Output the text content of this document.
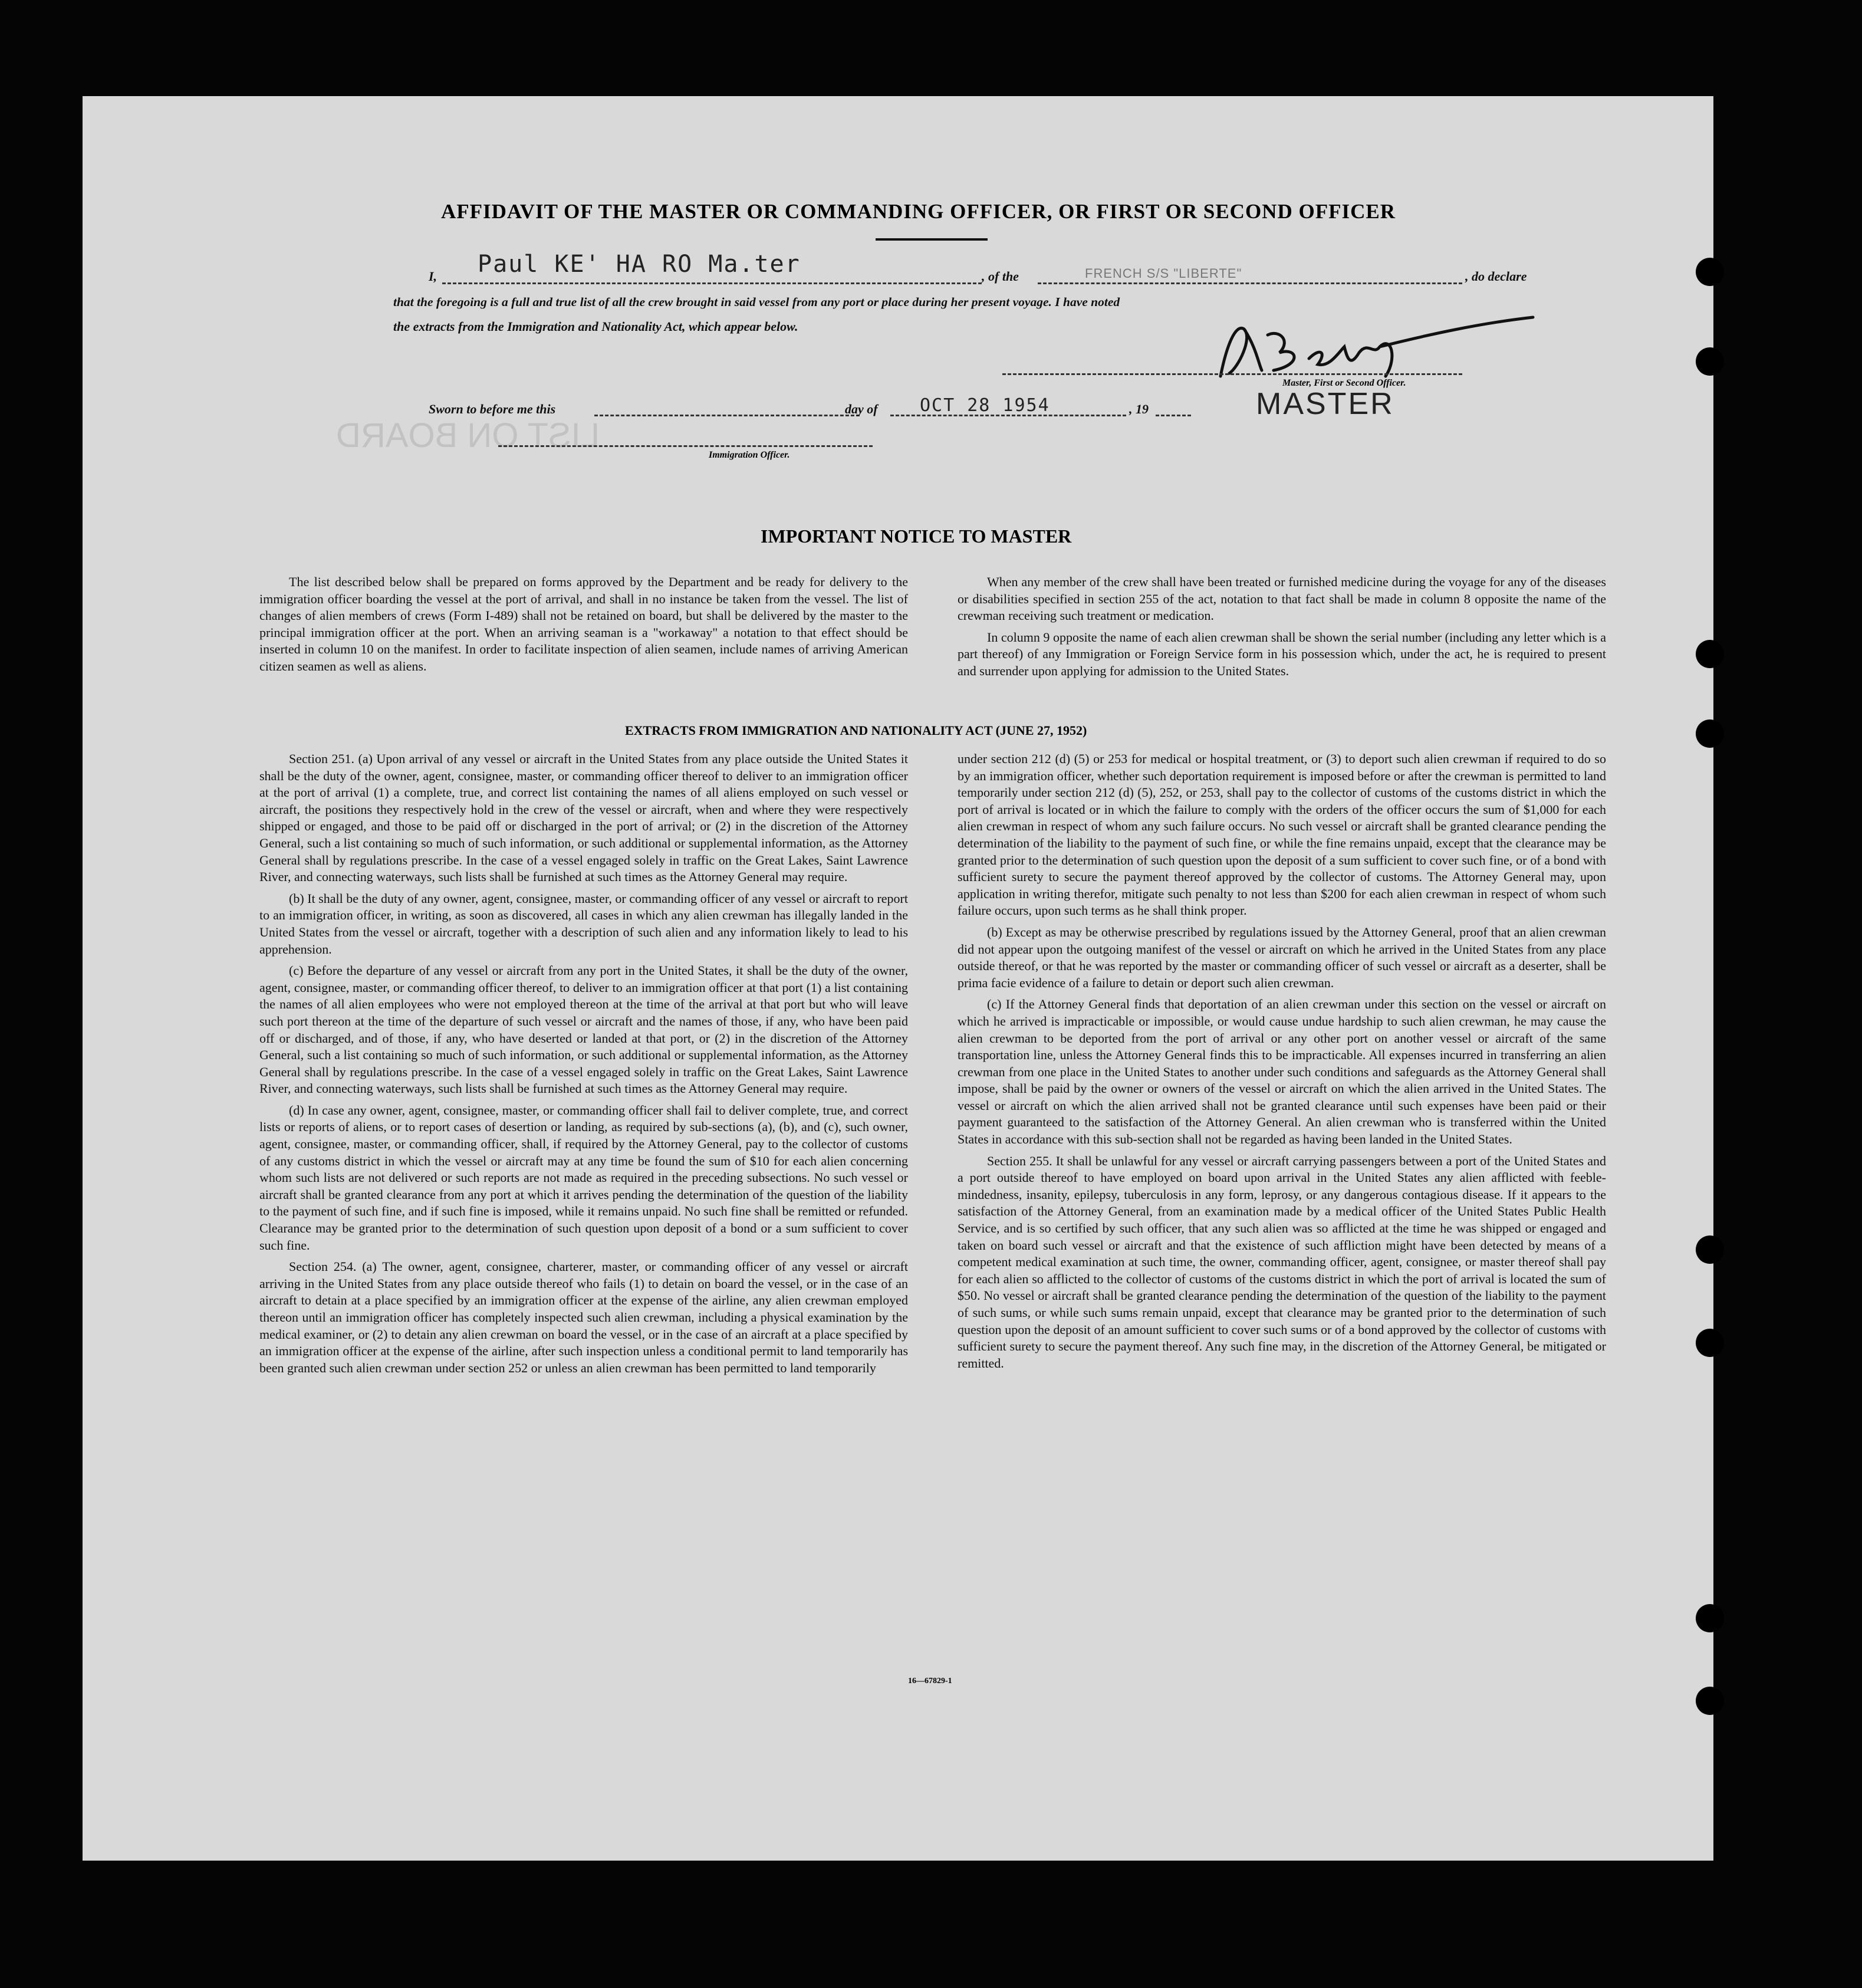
LIST ON BOARD
AFFIDAVIT OF THE MASTER OR COMMANDING OFFICER, OR FIRST OR SECOND OFFICER
I, Paul KE' HA RO Ma.ter	, of the	FRENCH S/S "LIBERTE"	, do declare
that the foregoing is a full and true list of all the crew brought in said vessel from any port or place during her present voyage. I have noted
the extracts from the Immigration and Nationality Act, which appear below.
Master, First or Second Officer.
MASTER
Sworn to before me this	day of OCT 28 1954	, 19
Immigration Officer.
IMPORTANT NOTICE TO MASTER

The list described below shall be prepared on forms approved by the Department and be ready for delivery to the immigration officer boarding the vessel at the port of arrival, and shall in no instance be taken from the vessel. The list of changes of alien members of crews (Form I-489) shall not be retained on board, but shall be delivered by the master to the principal immigration officer at the port. When an arriving seaman is a "workaway" a notation to that effect should be inserted in column 10 on the manifest. In order to facilitate inspection of alien seamen, include names of arriving American citizen seamen as well as aliens.

When any member of the crew shall have been treated or furnished medicine during the voyage for any of the diseases or disabilities specified in section 255 of the act, notation to that fact shall be made in column 8 opposite the name of the crewman receiving such treatment or medication.

In column 9 opposite the name of each alien crewman shall be shown the serial number (including any letter which is a part thereof) of any Immigration or Foreign Service form in his possession which, under the act, he is required to present and surrender upon applying for admission to the United States.

EXTRACTS FROM IMMIGRATION AND NATIONALITY ACT (JUNE 27, 1952)

Section 251. (a) Upon arrival of any vessel or aircraft in the United States from any place outside the United States it shall be the duty of the owner, agent, consignee, master, or commanding officer thereof to deliver to an immigration officer at the port of arrival (1) a complete, true, and correct list containing the names of all aliens employed on such vessel or aircraft, the positions they respectively hold in the crew of the vessel or aircraft, when and where they were respectively shipped or engaged, and those to be paid off or discharged in the port of arrival; or (2) in the discretion of the Attorney General, such a list containing so much of such information, or such additional or supplemental information, as the Attorney General shall by regulations prescribe. In the case of a vessel engaged solely in traffic on the Great Lakes, Saint Lawrence River, and connecting waterways, such lists shall be furnished at such times as the Attorney General may require.

(b) It shall be the duty of any owner, agent, consignee, master, or commanding officer of any vessel or aircraft to report to an immigration officer, in writing, as soon as discovered, all cases in which any alien crewman has illegally landed in the United States from the vessel or aircraft, together with a description of such alien and any information likely to lead to his apprehension.

(c) Before the departure of any vessel or aircraft from any port in the United States, it shall be the duty of the owner, agent, consignee, master, or commanding officer thereof, to deliver to an immigration officer at that port (1) a list containing the names of all alien employees who were not employed thereon at the time of the arrival at that port but who will leave such port thereon at the time of the departure of such vessel or aircraft and the names of those, if any, who have been paid off or discharged, and of those, if any, who have deserted or landed at that port, or (2) in the discretion of the Attorney General, such a list containing so much of such information, or such additional or supplemental information, as the Attorney General shall by regulations prescribe. In the case of a vessel engaged solely in traffic on the Great Lakes, Saint Lawrence River, and connecting waterways, such lists shall be furnished at such times as the Attorney General may require.

(d) In case any owner, agent, consignee, master, or commanding officer shall fail to deliver complete, true, and correct lists or reports of aliens, or to report cases of desertion or landing, as required by sub-sections (a), (b), and (c), such owner, agent, consignee, master, or commanding officer, shall, if required by the Attorney General, pay to the collector of customs of any customs district in which the vessel or aircraft may at any time be found the sum of $10 for each alien concerning whom such lists are not delivered or such reports are not made as required in the preceding subsections. No such vessel or aircraft shall be granted clearance from any port at which it arrives pending the determination of the question of the liability to the payment of such fine, and if such fine is imposed, while it remains unpaid. No such fine shall be remitted or refunded. Clearance may be granted prior to the determination of such question upon deposit of a bond or a sum sufficient to cover such fine.

Section 254. (a) The owner, agent, consignee, charterer, master, or commanding officer of any vessel or aircraft arriving in the United States from any place outside thereof who fails (1) to detain on board the vessel, or in the case of an aircraft to detain at a place specified by an immigration officer at the expense of the airline, any alien crewman employed thereon until an immigration officer has completely inspected such alien crewman, including a physical examination by the medical examiner, or (2) to detain any alien crewman on board the vessel, or in the case of an aircraft at a place specified by an immigration officer at the expense of the airline, after such inspection unless a conditional permit to land temporarily has been granted such alien crewman under section 252 or unless an alien crewman has been permitted to land temporarily

under section 212 (d) (5) or 253 for medical or hospital treatment, or (3) to deport such alien crewman if required to do so by an immigration officer, whether such deportation requirement is imposed before or after the crewman is permitted to land temporarily under section 212 (d) (5), 252, or 253, shall pay to the collector of customs of the customs district in which the port of arrival is located or in which the failure to comply with the orders of the officer occurs the sum of $1,000 for each alien crewman in respect of whom any such failure occurs. No such vessel or aircraft shall be granted clearance pending the determination of the liability to the payment of such fine, or while the fine remains unpaid, except that the clearance may be granted prior to the determination of such question upon the deposit of a sum sufficient to cover such fine, or of a bond with sufficient surety to secure the payment thereof approved by the collector of customs. The Attorney General may, upon application in writing therefor, mitigate such penalty to not less than $200 for each alien crewman in respect of whom such failure occurs, upon such terms as he shall think proper.

(b) Except as may be otherwise prescribed by regulations issued by the Attorney General, proof that an alien crewman did not appear upon the outgoing manifest of the vessel or aircraft on which he arrived in the United States from any place outside thereof, or that he was reported by the master or commanding officer of such vessel or aircraft as a deserter, shall be prima facie evidence of a failure to detain or deport such alien crewman.

(c) If the Attorney General finds that deportation of an alien crewman under this section on the vessel or aircraft on which he arrived is impracticable or impossible, or would cause undue hardship to such alien crewman, he may cause the alien crewman to be deported from the port of arrival or any other port on another vessel or aircraft of the same transportation line, unless the Attorney General finds this to be impracticable. All expenses incurred in transferring an alien crewman from one place in the United States to another under such conditions and safeguards as the Attorney General shall impose, shall be paid by the owner or owners of the vessel or aircraft on which the alien arrived in the United States. The vessel or aircraft on which the alien arrived shall not be granted clearance until such expenses have been paid or their payment guaranteed to the satisfaction of the Attorney General. An alien crewman who is transferred within the United States in accordance with this sub-section shall not be regarded as having been landed in the United States.

Section 255. It shall be unlawful for any vessel or aircraft carrying passengers between a port of the United States and a port outside thereof to have employed on board upon arrival in the United States any alien afflicted with feeble-mindedness, insanity, epilepsy, tuberculosis in any form, leprosy, or any dangerous contagious disease. If it appears to the satisfaction of the Attorney General, from an examination made by a medical officer of the United States Public Health Service, and is so certified by such officer, that any such alien was so afflicted at the time he was shipped or engaged and taken on board such vessel or aircraft and that the existence of such affliction might have been detected by means of a competent medical examination at such time, the owner, commanding officer, agent, consignee, or master thereof shall pay for each alien so afflicted to the collector of customs of the customs district in which the port of arrival is located the sum of $50. No vessel or aircraft shall be granted clearance pending the determination of the question of the liability to the payment of such sums, or while such sums remain unpaid, except that clearance may be granted prior to the determination of such question upon the deposit of an amount sufficient to cover such sums or of a bond approved by the collector of customs with sufficient surety to secure the payment thereof. Any such fine may, in the discretion of the Attorney General, be mitigated or remitted.

16—67829-1
